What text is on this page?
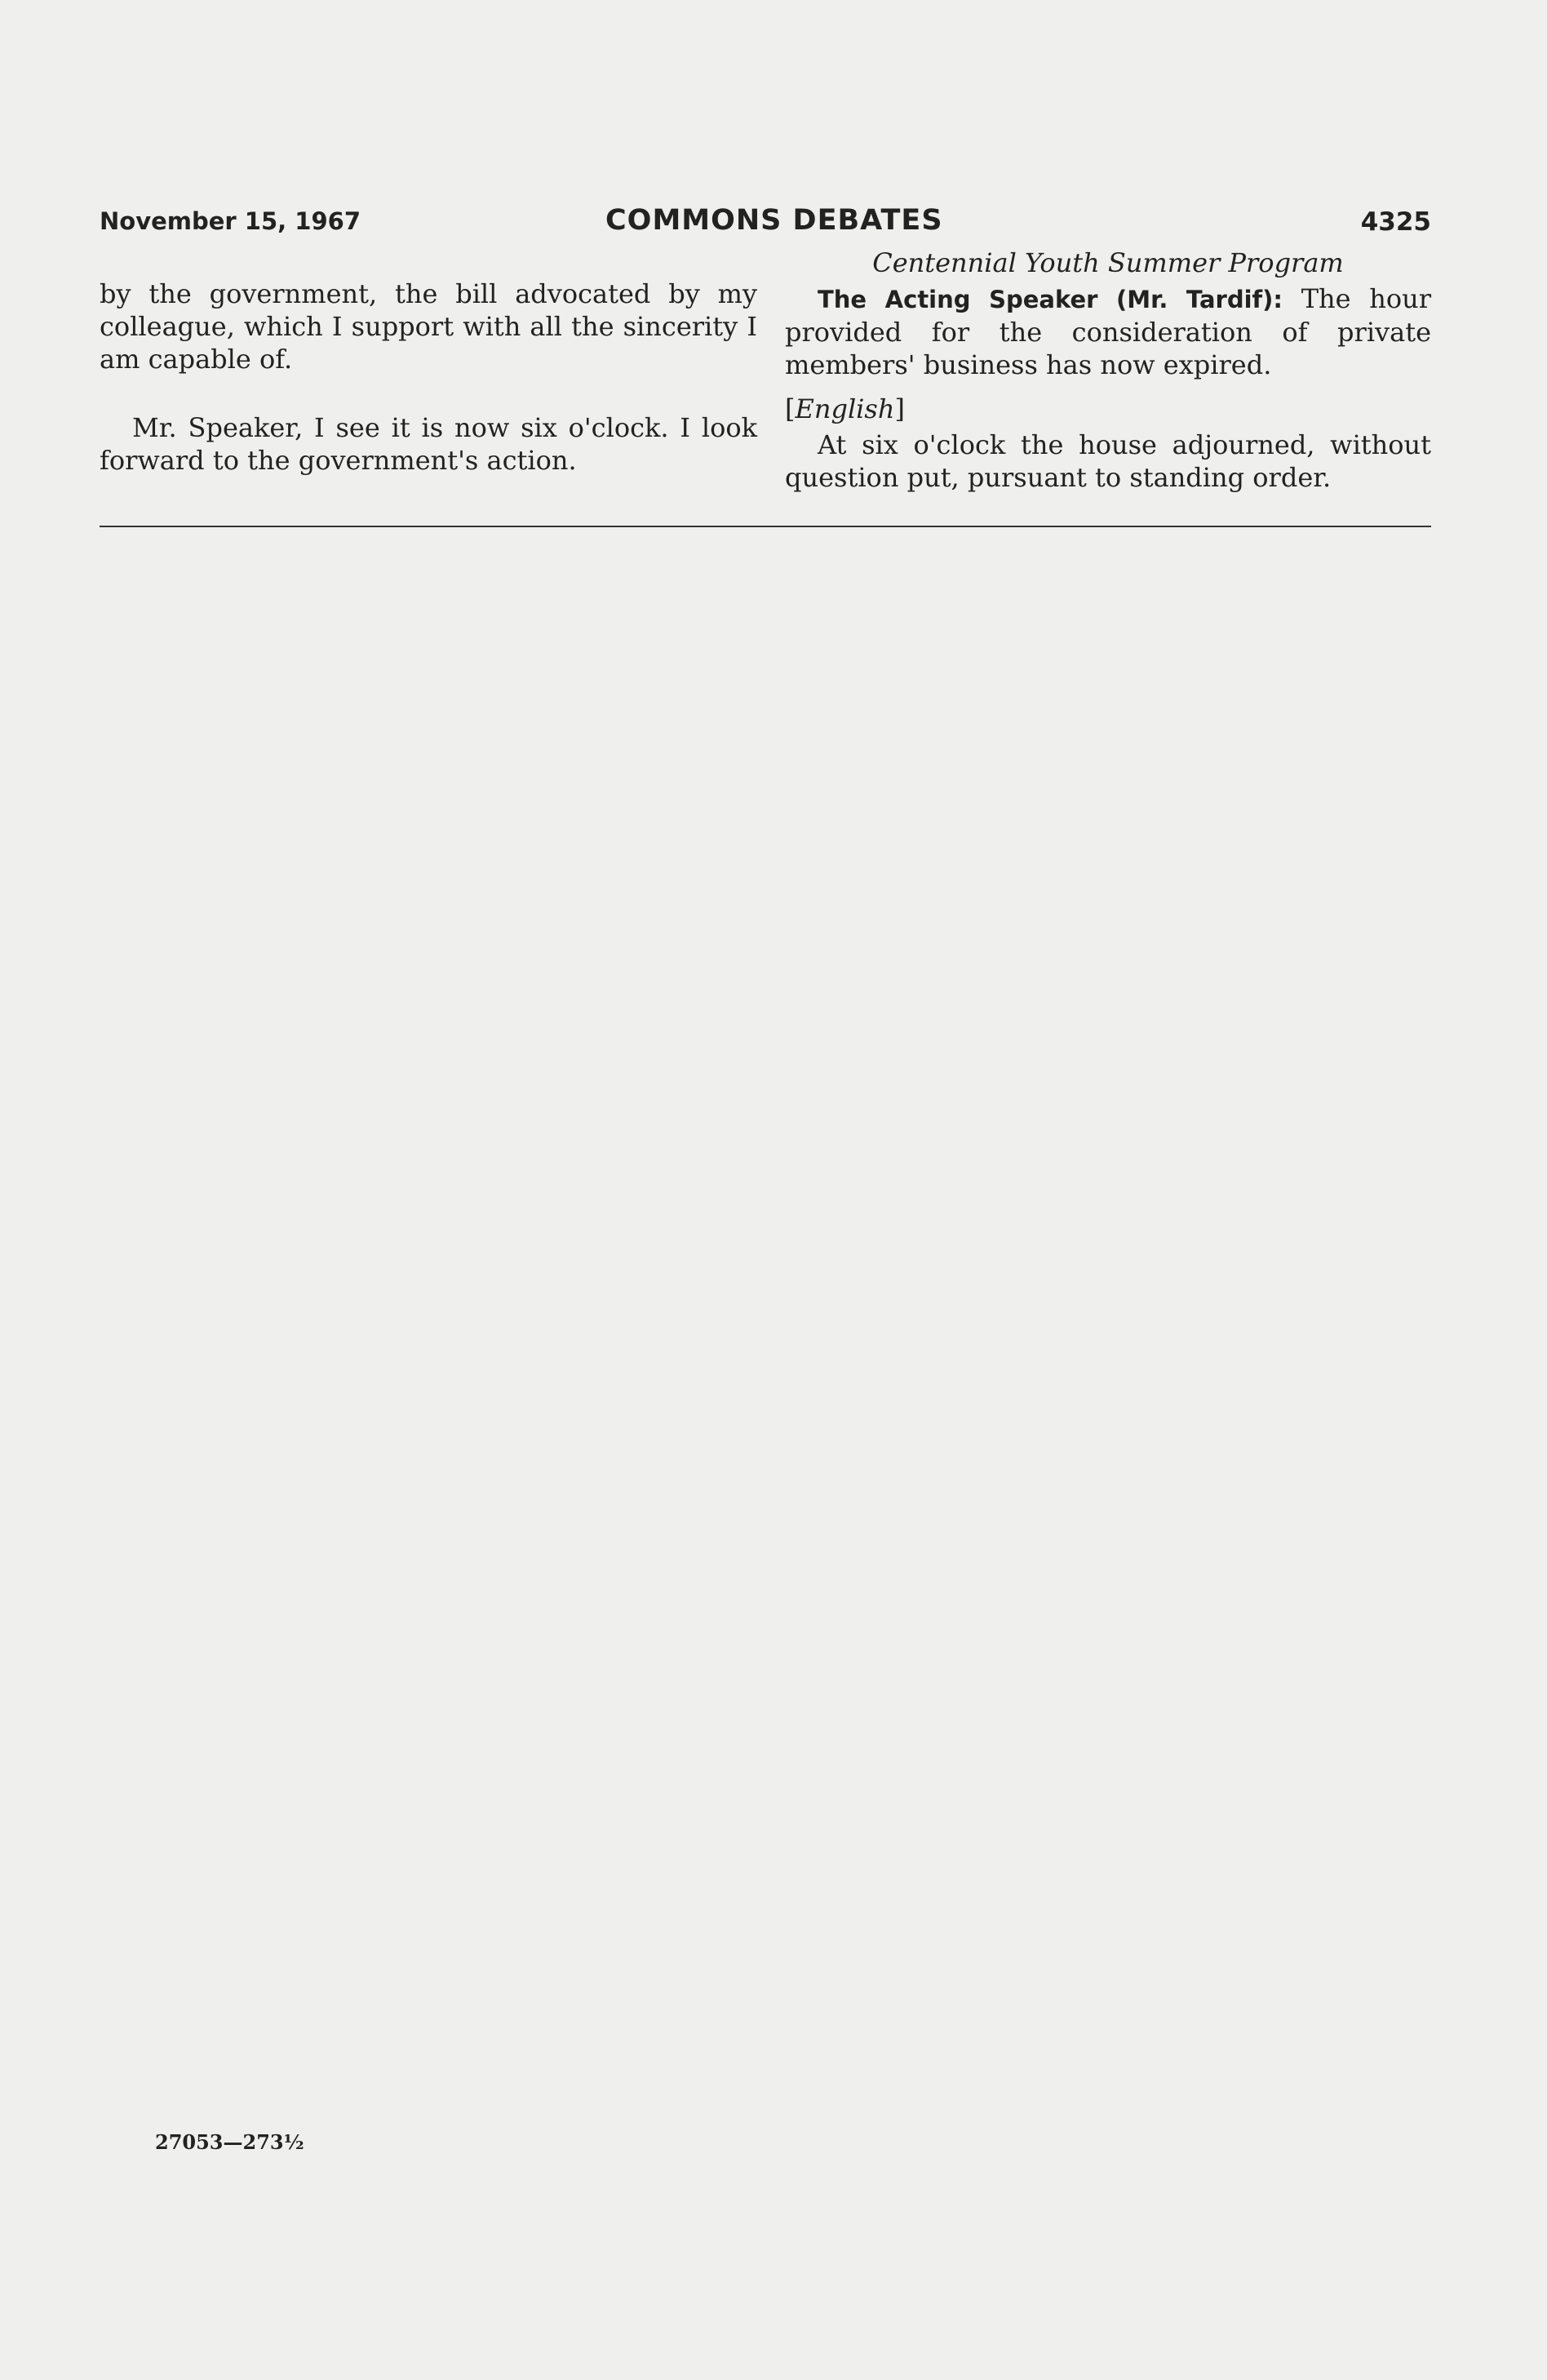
November 15, 1967	COMMONS DEBATES	4325

by the government, the bill advocated by my colleague, which I support with all the sincerity I am capable of.

Mr. Speaker, I see it is now six o'clock. I look forward to the government's action.

Centennial Youth Summer Program

The Acting Speaker (Mr. Tardif): The hour provided for the consideration of private members' business has now expired.

[English]

At six o'clock the house adjourned, without question put, pursuant to standing order.

27053—273½
